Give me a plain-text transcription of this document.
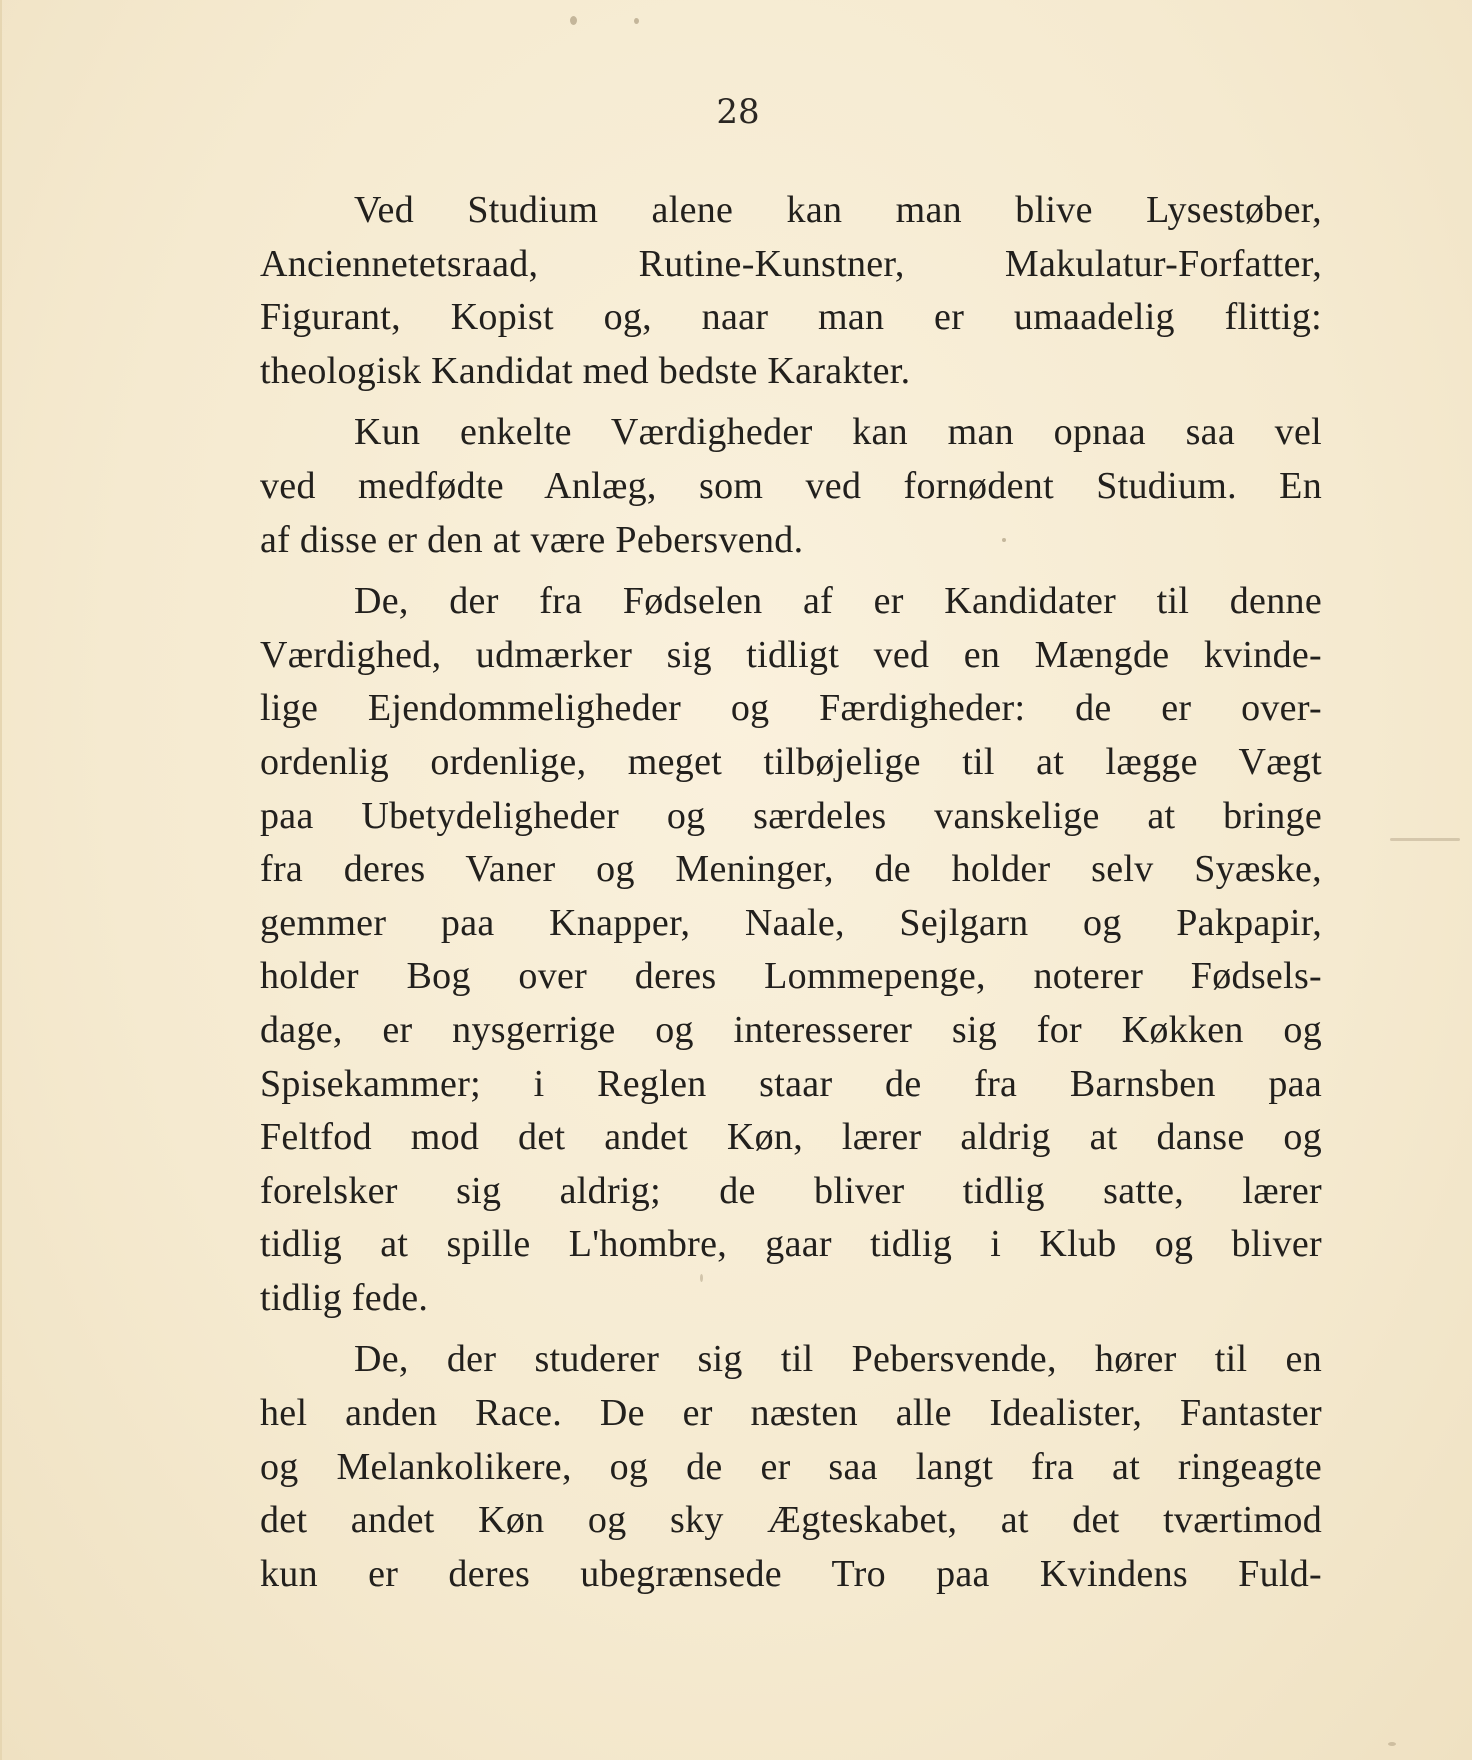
28
Ved Studium alene kan man blive Lysestøber,
Anciennetetsraad, Rutine-Kunstner, Makulatur-Forfatter,
Figurant, Kopist og, naar man er umaadelig flittig:
theologisk Kandidat med bedste Karakter.
Kun enkelte Værdigheder kan man opnaa saa vel
ved medfødte Anlæg, som ved fornødent Studium. En
af disse er den at være Pebersvend.
De, der fra Fødselen af er Kandidater til denne
Værdighed, udmærker sig tidligt ved en Mængde kvinde-
lige Ejendommeligheder og Færdigheder: de er over-
ordenlig ordenlige, meget tilbøjelige til at lægge Vægt
paa Ubetydeligheder og særdeles vanskelige at bringe
fra deres Vaner og Meninger, de holder selv Syæske,
gemmer paa Knapper, Naale, Sejlgarn og Pakpapir,
holder Bog over deres Lommepenge, noterer Fødsels-
dage, er nysgerrige og interesserer sig for Køkken og
Spisekammer; i Reglen staar de fra Barnsben paa
Feltfod mod det andet Køn, lærer aldrig at danse og
forelsker sig aldrig; de bliver tidlig satte, lærer
tidlig at spille L'hombre, gaar tidlig i Klub og bliver
tidlig fede.
De, der studerer sig til Pebersvende, hører til en
hel anden Race. De er næsten alle Idealister, Fantaster
og Melankolikere, og de er saa langt fra at ringeagte
det andet Køn og sky Ægteskabet, at det tværtimod
kun er deres ubegrænsede Tro paa Kvindens Fuld-
